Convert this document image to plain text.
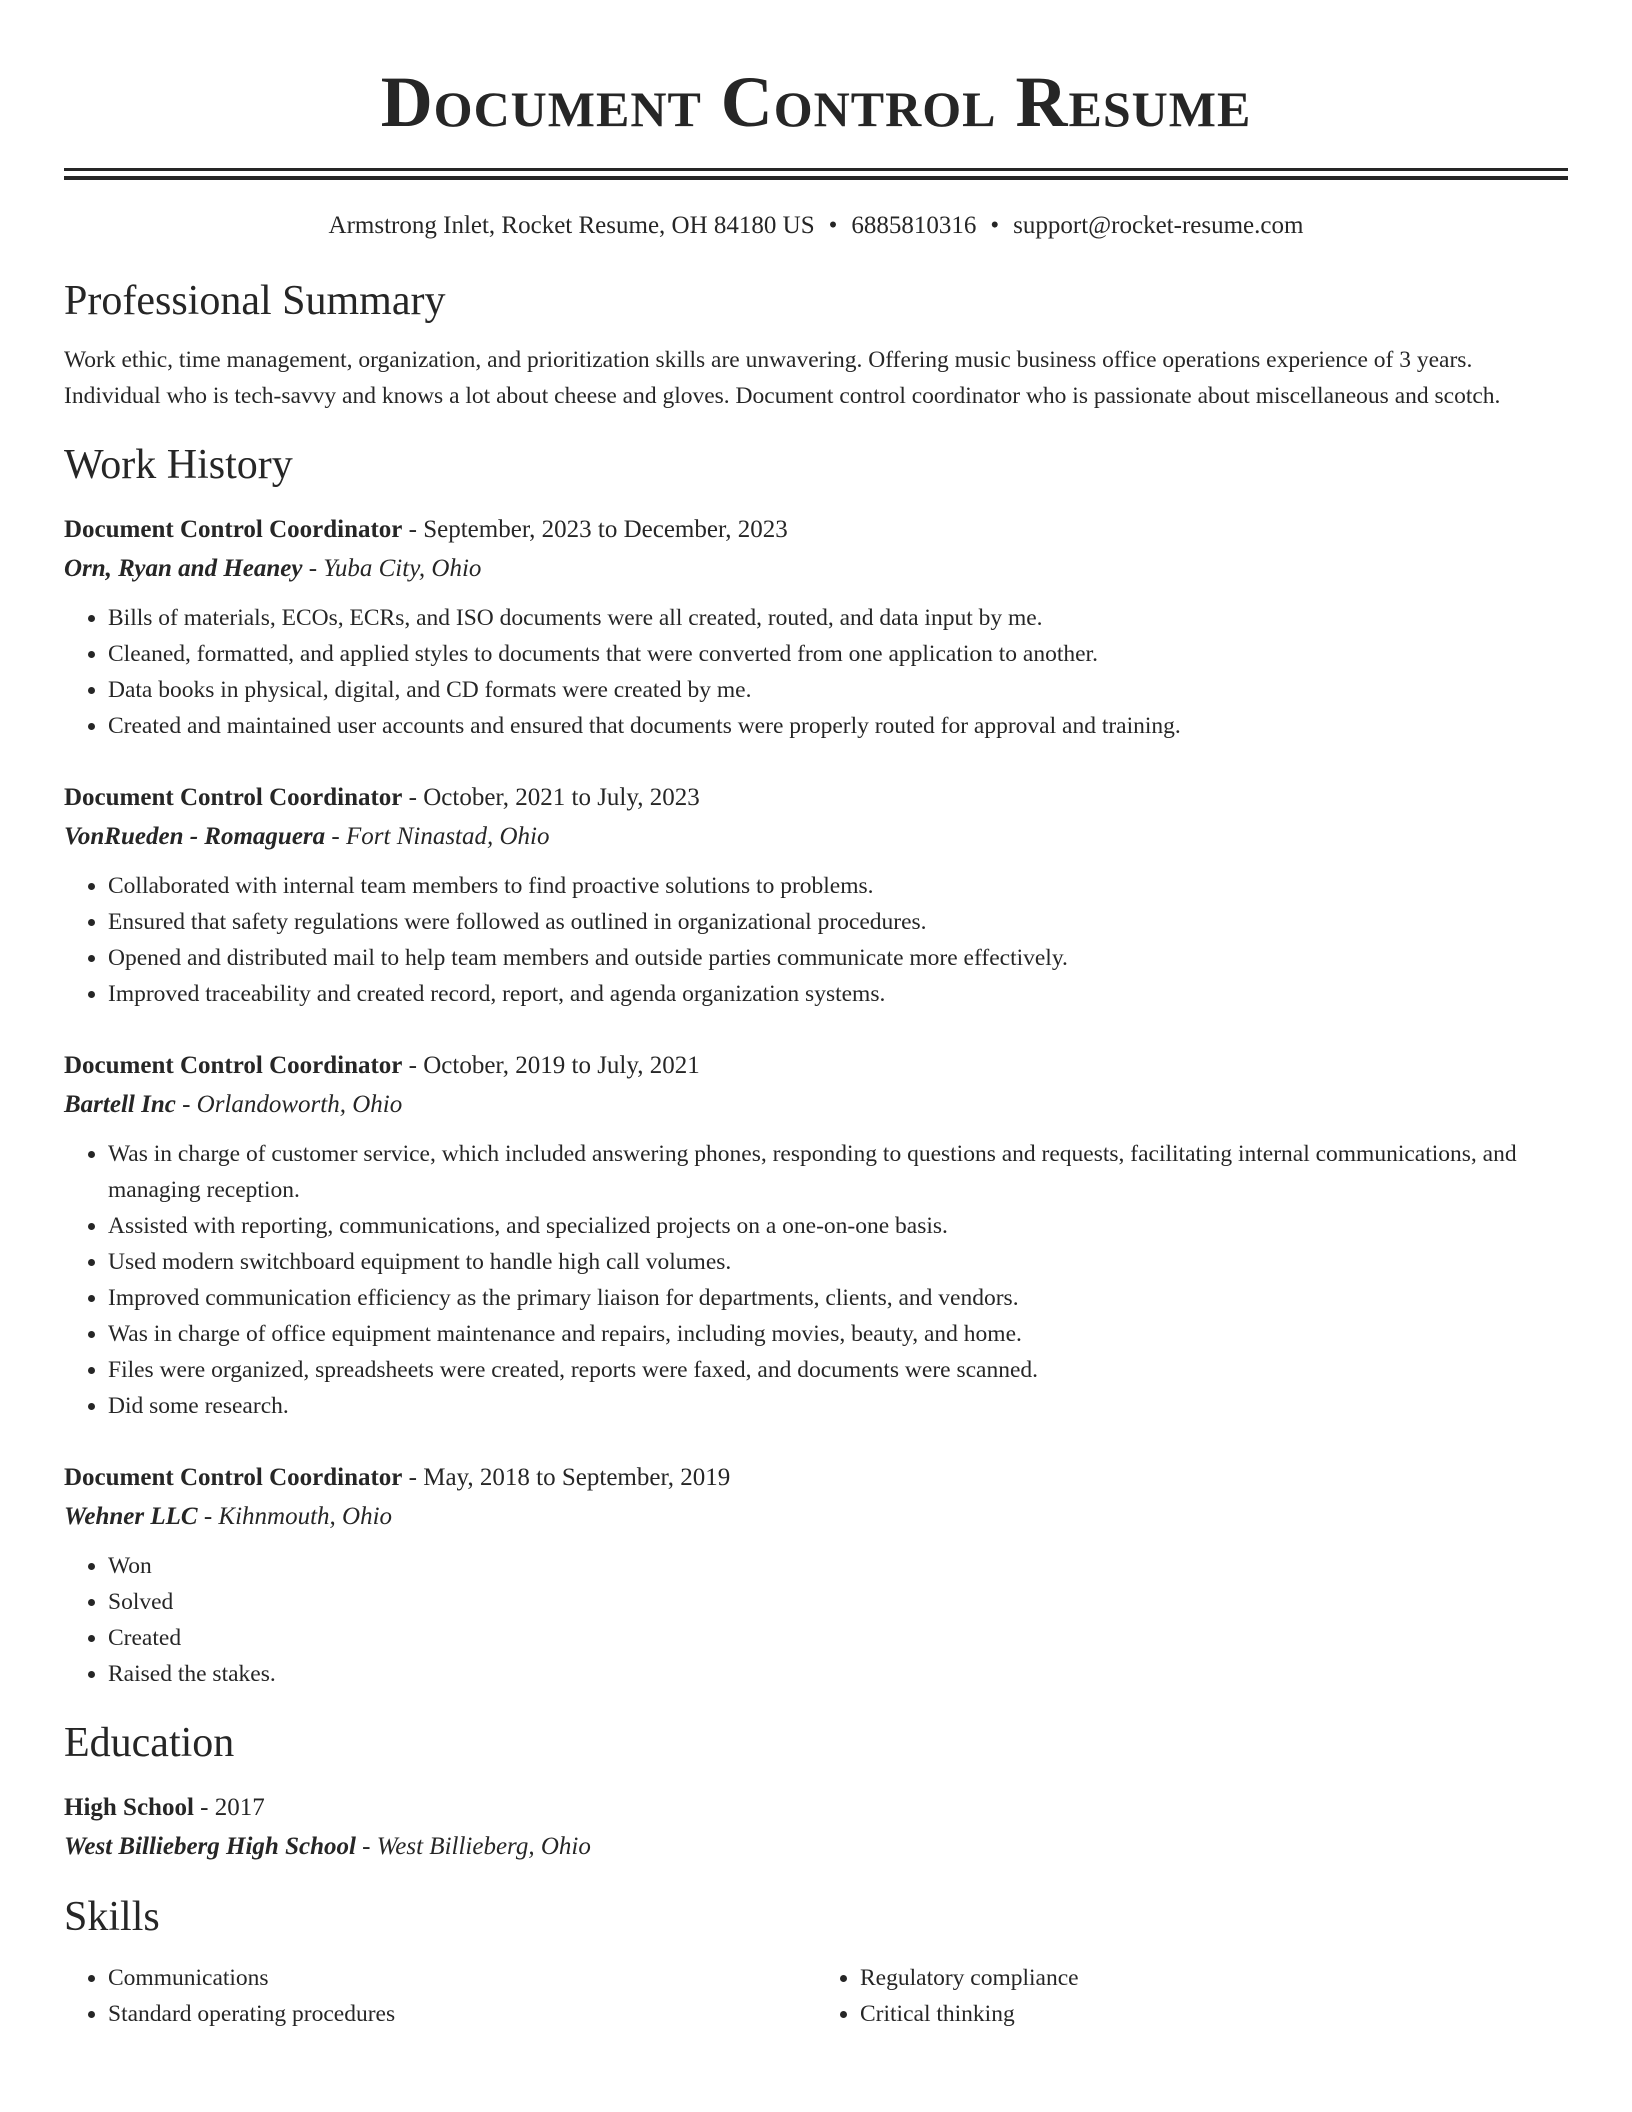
Document Control Resume
Armstrong Inlet, Rocket Resume, OH 84180 US • 6885810316 • support@rocket-resume.com
Professional Summary
Work ethic, time management, organization, and prioritization skills are unwavering. Offering music business office operations experience of 3 years. Individual who is tech-savvy and knows a lot about cheese and gloves. Document control coordinator who is passionate about miscellaneous and scotch.
Work History
Document Control Coordinator - September, 2023 to December, 2023
Orn, Ryan and Heaney - Yuba City, Ohio
• Bills of materials, ECOs, ECRs, and ISO documents were all created, routed, and data input by me.
• Cleaned, formatted, and applied styles to documents that were converted from one application to another.
• Data books in physical, digital, and CD formats were created by me.
• Created and maintained user accounts and ensured that documents were properly routed for approval and training.
Document Control Coordinator - October, 2021 to July, 2023
VonRueden - Romaguera - Fort Ninastad, Ohio
• Collaborated with internal team members to find proactive solutions to problems.
• Ensured that safety regulations were followed as outlined in organizational procedures.
• Opened and distributed mail to help team members and outside parties communicate more effectively.
• Improved traceability and created record, report, and agenda organization systems.
Document Control Coordinator - October, 2019 to July, 2021
Bartell Inc - Orlandoworth, Ohio
• Was in charge of customer service, which included answering phones, responding to questions and requests, facilitating internal communications, and managing reception.
• Assisted with reporting, communications, and specialized projects on a one-on-one basis.
• Used modern switchboard equipment to handle high call volumes.
• Improved communication efficiency as the primary liaison for departments, clients, and vendors.
• Was in charge of office equipment maintenance and repairs, including movies, beauty, and home.
• Files were organized, spreadsheets were created, reports were faxed, and documents were scanned.
• Did some research.
Document Control Coordinator - May, 2018 to September, 2019
Wehner LLC - Kihnmouth, Ohio
• Won
• Solved
• Created
• Raised the stakes.
Education
High School - 2017
West Billieberg High School - West Billieberg, Ohio
Skills
• Communications
• Standard operating procedures
• Regulatory compliance
• Critical thinking
